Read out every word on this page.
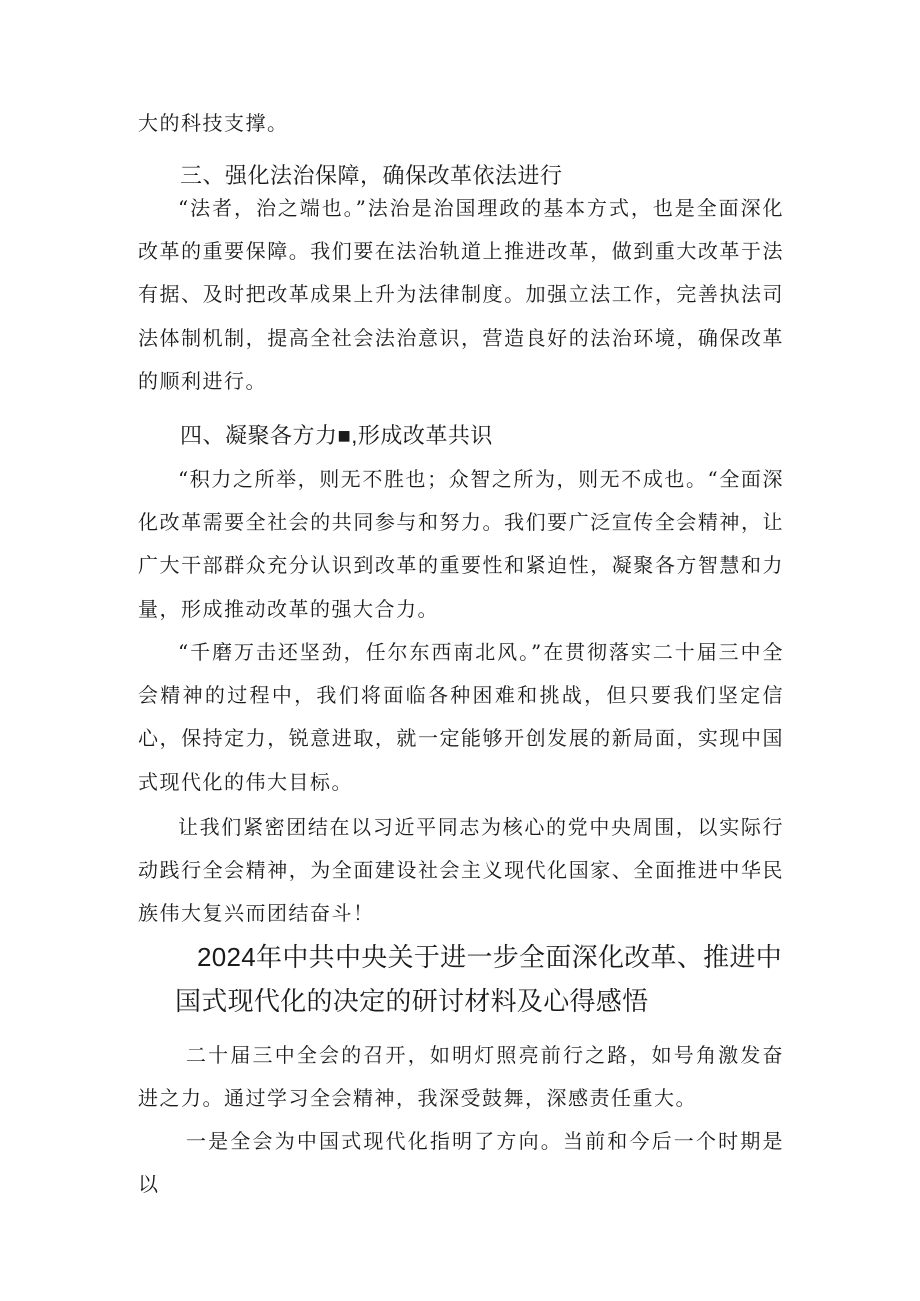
大的科技支撑。

三、强化法治保障，确保改革依法进行

“法者，治之端也。”法治是治国理政的基本方式，也是全面深化改革的重要保障。我们要在法治轨道上推进改革，做到重大改革于法有据、及时把改革成果上升为法律制度。加强立法工作，完善执法司法体制机制，提高全社会法治意识，营造良好的法治环境，确保改革的顺利进行。

四、凝聚各方力■,形成改革共识

“积力之所举，则无不胜也；众智之所为，则无不成也。“全面深化改革需要全社会的共同参与和努力。我们要广泛宣传全会精神，让广大干部群众充分认识到改革的重要性和紧迫性，凝聚各方智慧和力量，形成推动改革的强大合力。

“千磨万击还坚劲，任尔东西南北风。”在贯彻落实二十届三中全会精神的过程中，我们将面临各种困难和挑战，但只要我们坚定信心，保持定力，锐意进取，就一定能够开创发展的新局面，实现中国式现代化的伟大目标。

让我们紧密团结在以习近平同志为核心的党中央周围，以实际行动践行全会精神，为全面建设社会主义现代化国家、全面推进中华民族伟大复兴而团结奋斗！

2024年中共中央关于进一步全面深化改革、推进中
国式现代化的决定的研讨材料及心得感悟

二十届三中全会的召开，如明灯照亮前行之路，如号角激发奋进之力。通过学习全会精神，我深受鼓舞，深感责任重大。

一是全会为中国式现代化指明了方向。当前和今后一个时期是以
